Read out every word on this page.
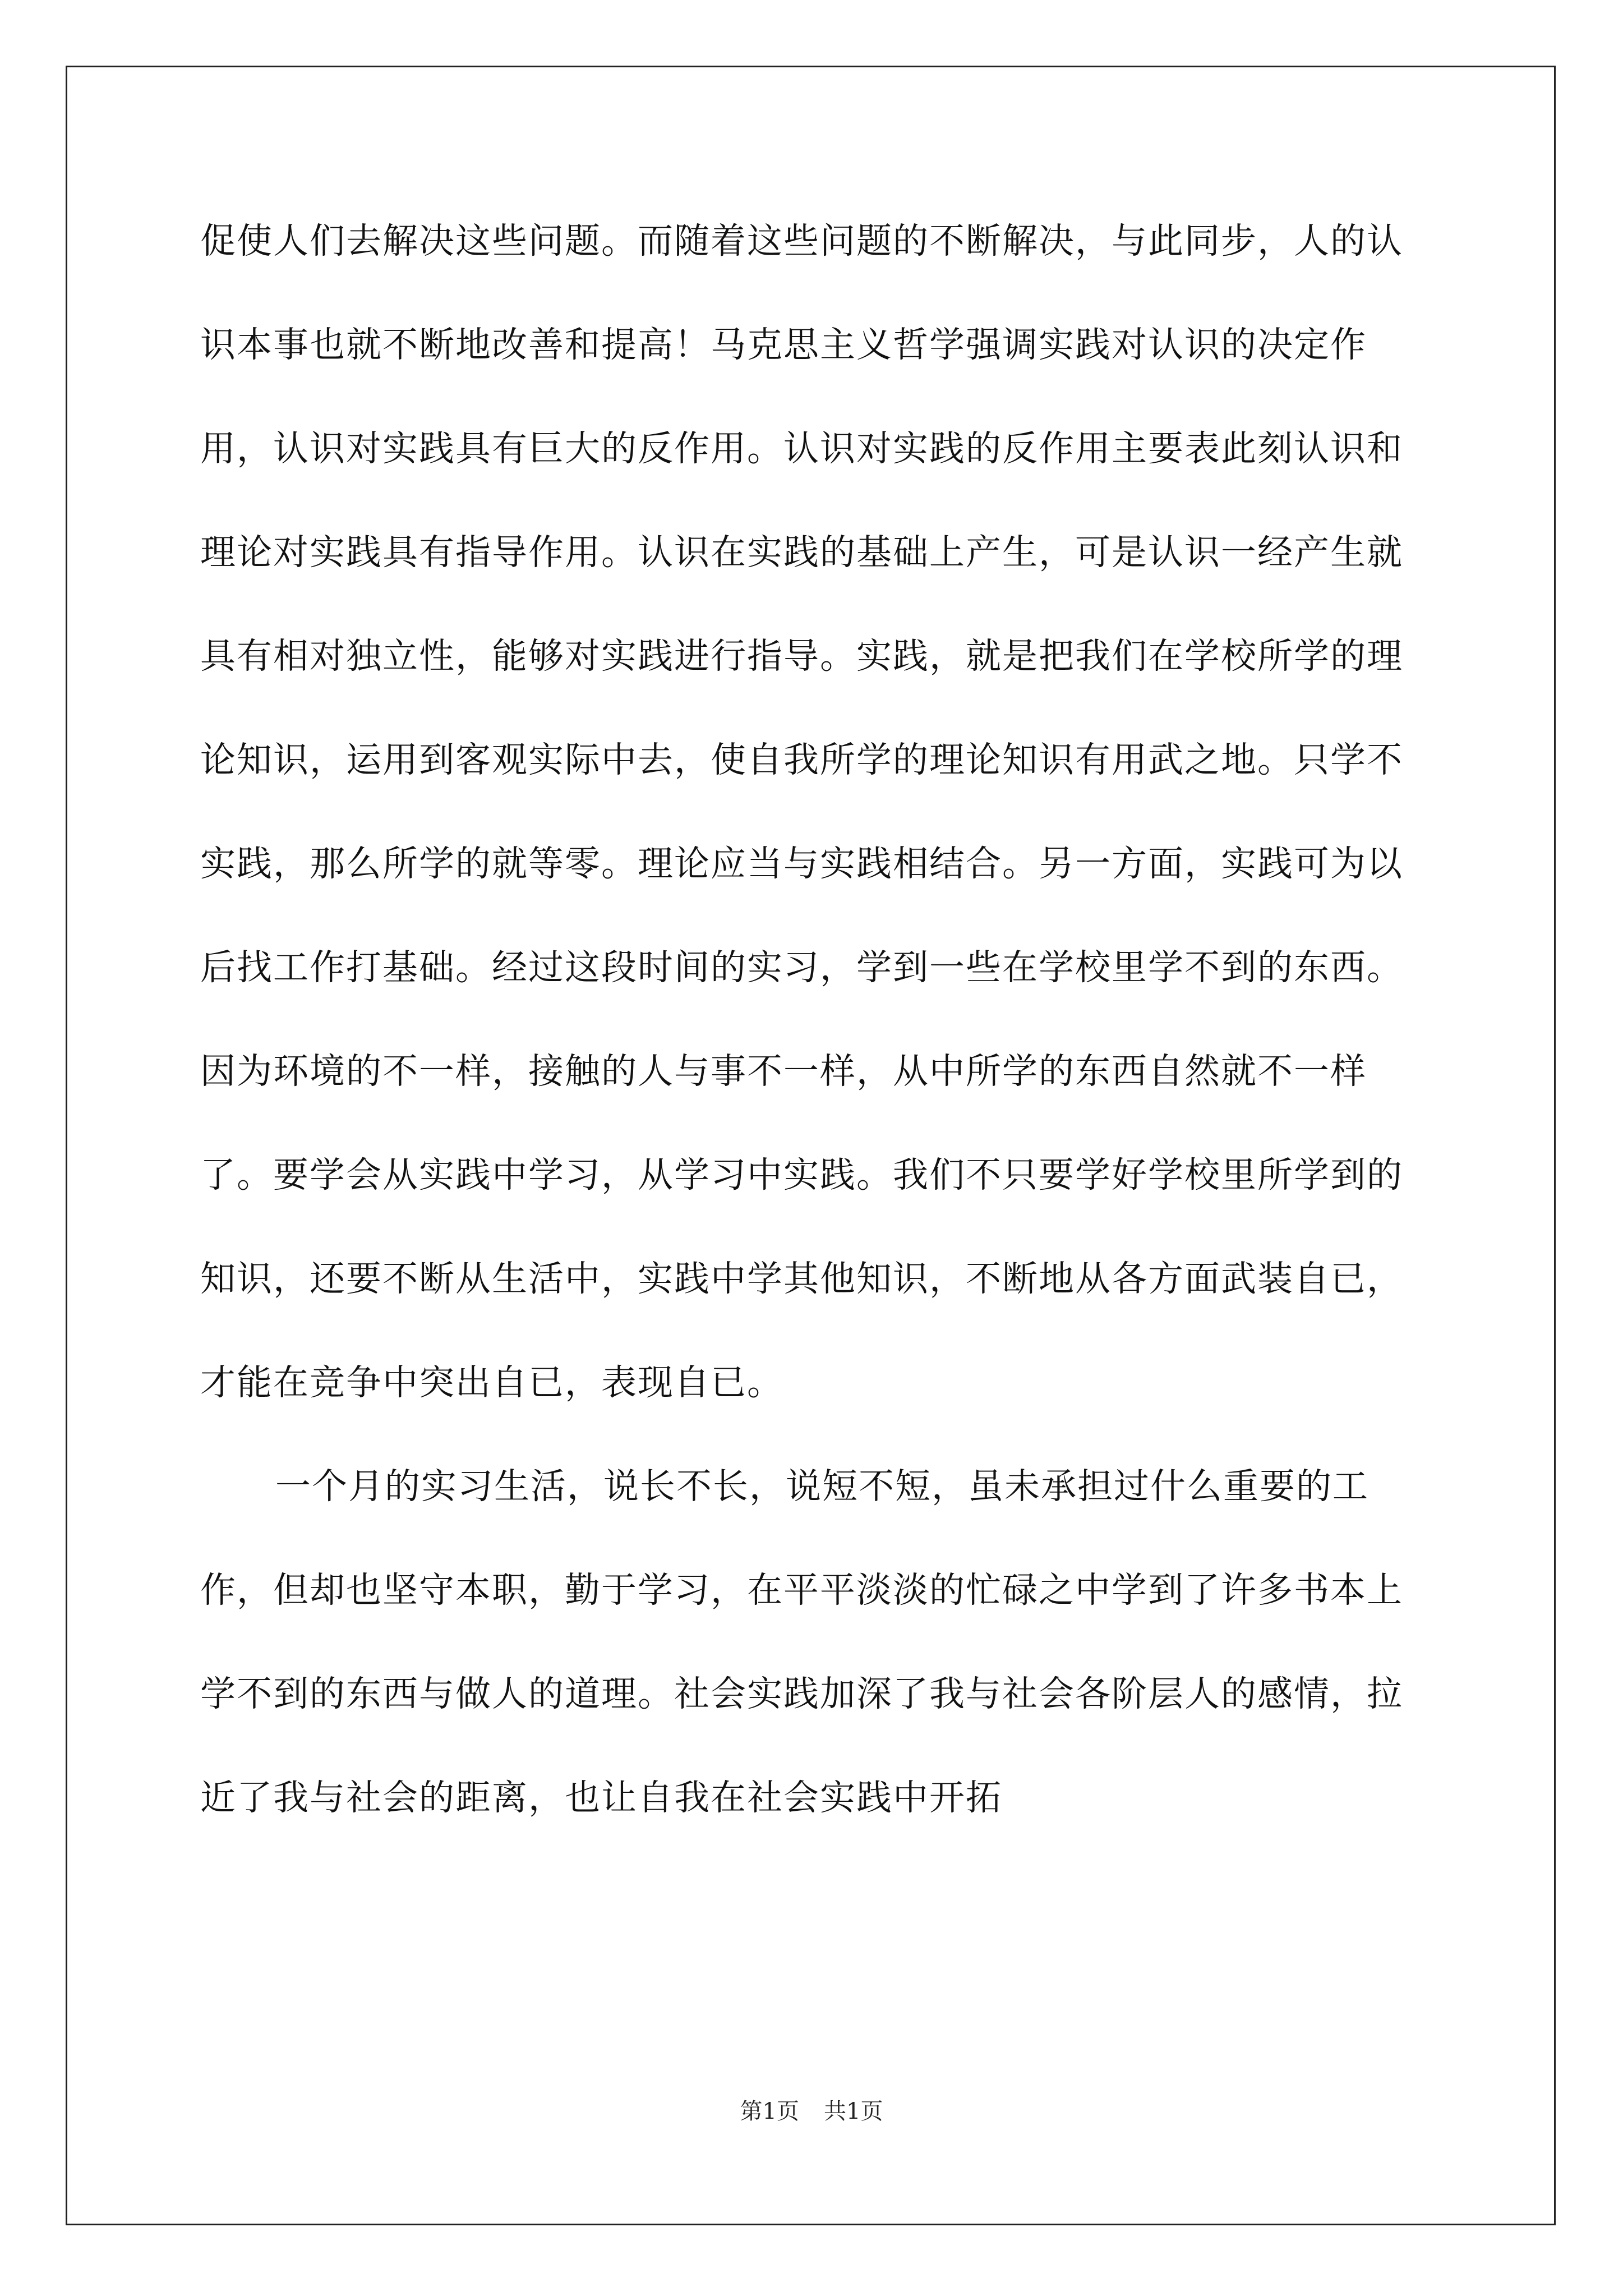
促使人们去解决这些问题。而随着这些问题的不断解决，与此同步，人的认识本事也就不断地改善和提高！马克思主义哲学强调实践对认识的决定作用，认识对实践具有巨大的反作用。认识对实践的反作用主要表此刻认识和理论对实践具有指导作用。认识在实践的基础上产生，可是认识一经产生就具有相对独立性，能够对实践进行指导。实践，就是把我们在学校所学的理论知识，运用到客观实际中去，使自我所学的理论知识有用武之地。只学不实践，那么所学的就等零。理论应当与实践相结合。另一方面，实践可为以后找工作打基础。经过这段时间的实习，学到一些在学校里学不到的东西。因为环境的不一样，接触的人与事不一样，从中所学的东西自然就不一样了。要学会从实践中学习，从学习中实践。我们不只要学好学校里所学到的知识，还要不断从生活中，实践中学其他知识，不断地从各方面武装自已，才能在竞争中突出自已，表现自已。

一个月的实习生活，说长不长，说短不短，虽未承担过什么重要的工作，但却也坚守本职，勤于学习，在平平淡淡的忙碌之中学到了许多书本上学不到的东西与做人的道理。社会实践加深了我与社会各阶层人的感情，拉近了我与社会的距离，也让自我在社会实践中开拓

第1页 共1页
